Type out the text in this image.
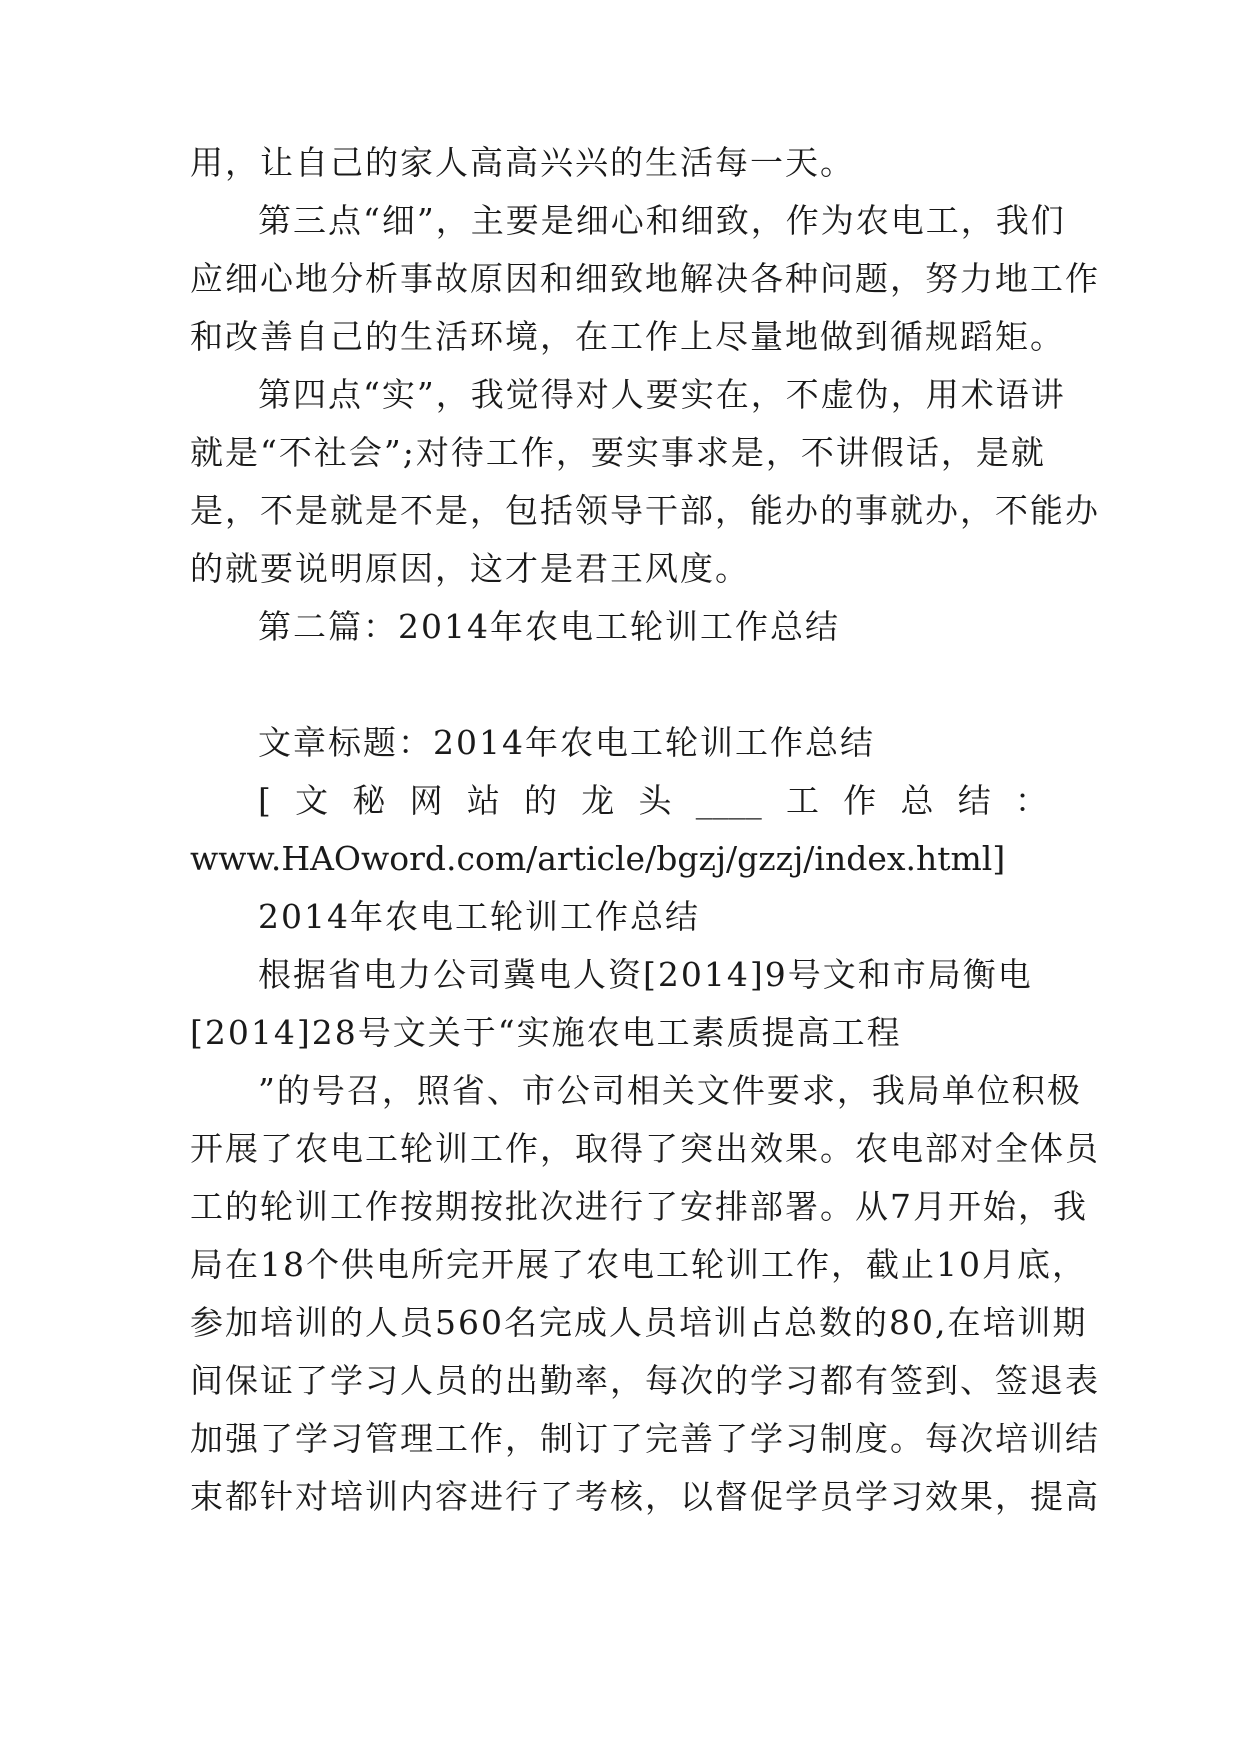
用，让自己的家人高高兴兴的生活每一天。
第三点“细”，主要是细心和细致，作为农电工，我们
应细心地分析事故原因和细致地解决各种问题，努力地工作
和改善自己的生活环境，在工作上尽量地做到循规蹈矩。
第四点“实”，我觉得对人要实在，不虚伪，用术语讲
就是“不社会”;对待工作，要实事求是，不讲假话，是就
是，不是就是不是，包括领导干部，能办的事就办，不能办
的就要说明原因，这才是君王风度。
第二篇：2014年农电工轮训工作总结
文章标题：2014年农电工轮训工作总结
[ 文 秘 网 站 的 龙 头 ____ 工 作 总 结 ：
www.HAOword.com/article/bgzj/gzzj/index.html]
2014年农电工轮训工作总结
根据省电力公司冀电人资[2014]9号文和市局衡电
[2014]28号文关于“实施农电工素质提高工程
”的号召，照省、市公司相关文件要求，我局单位积极
开展了农电工轮训工作，取得了突出效果。农电部对全体员
工的轮训工作按期按批次进行了安排部署。从7月开始，我
局在18个供电所完开展了农电工轮训工作，截止10月底，
参加培训的人员560名完成人员培训占总数的80,在培训期
间保证了学习人员的出勤率，每次的学习都有签到、签退表
加强了学习管理工作，制订了完善了学习制度。每次培训结
束都针对培训内容进行了考核，以督促学员学习效果，提高
